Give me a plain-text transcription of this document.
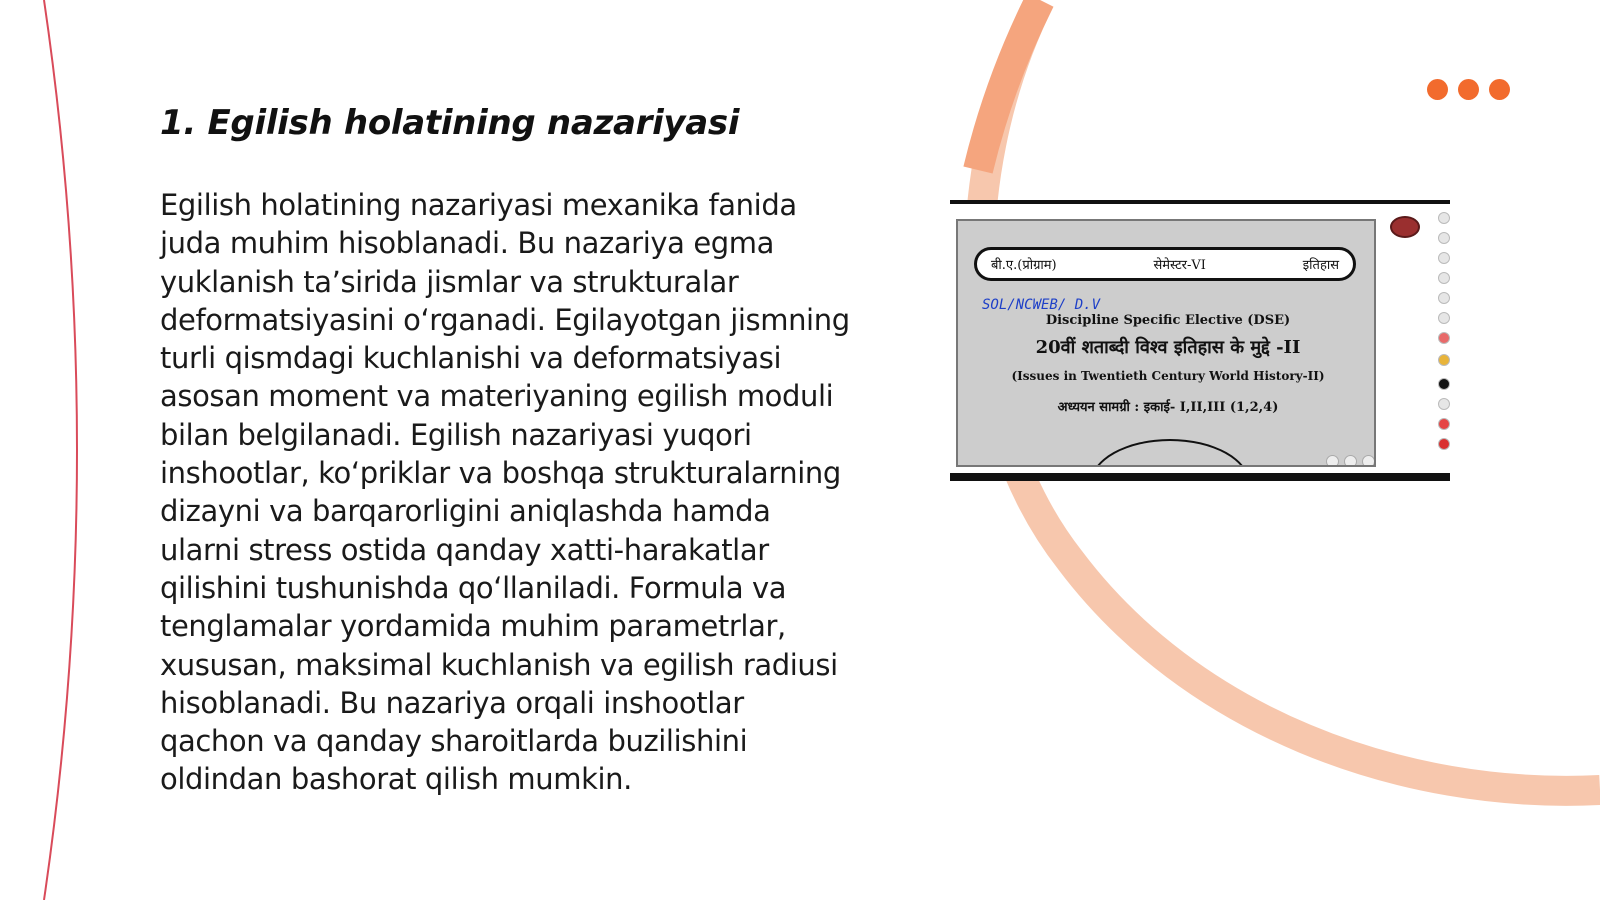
1. Egilish holatining nazariyasi

Egilish holatining nazariyasi mexanika fanida juda muhim hisoblanadi. Bu nazariya egma yuklanish ta’sirida jismlar va strukturalar deformatsiyasini o‘rganadi. Egilayotgan jismning turli qismdagi kuchlanishi va deformatsiyasi asosan moment va materiyaning egilish moduli bilan belgilanadi. Egilish nazariyasi yuqori inshootlar, ko‘priklar va boshqa strukturalarning dizayni va barqarorligini aniqlashda hamda ularni stress ostida qanday xatti-harakatlar qilishini tushunishda qo‘llaniladi. Formula va tenglamalar yordamida muhim parametrlar, xususan, maksimal kuchlanish va egilish radiusi hisoblanadi. Bu nazariya orqali inshootlar qachon va qanday sharoitlarda buzilishini oldindan bashorat qilish mumkin.

बी.ए.(प्रोग्राम)	सेमेस्टर-VI	इतिहास
SOL/NCWEB/ D.V
Discipline Specific Elective (DSE)
20वीं शताब्दी विश्व इतिहास के मुद्दे -II
(Issues in Twentieth Century World History-II)
अध्ययन सामग्री : इकाई- I,II,III (1,2,4)
